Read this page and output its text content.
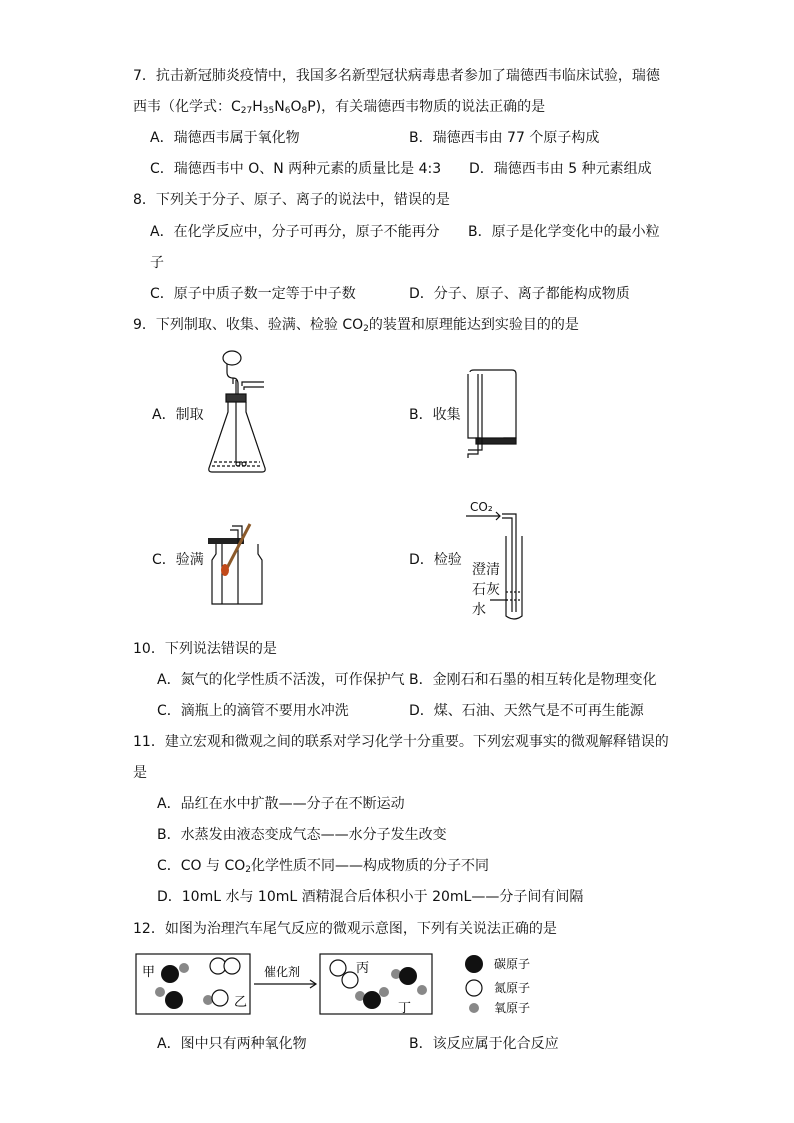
7．抗击新冠肺炎疫情中，我国多名新型冠状病毒患者参加了瑞德西韦临床试验，瑞德
西韦（化学式：$C_{27}H_{35}N_6O_8P$)，有关瑞德西韦物质的说法正确的是
A．瑞德西韦属于氧化物	B．瑞德西韦由 77 个原子构成
C．瑞德西韦中 O、N 两种元素的质量比是 4:3 D．瑞德西韦由 5 种元素组成
8．下列关于分子、原子、离子的说法中，错误的是
A．在化学反应中，分子可再分，原子不能再分 B．原子是化学变化中的最小粒
子
C．原子中质子数一定等于中子数	D．分子、原子、离子都能构成物质
9．下列制取、收集、验满、检验 $CO_2$的装置和原理能达到实验目的的是
A．制取	B．收集
C．验满	D．检验
CO₂
澄清
石灰
水
10．下列说法错误的是
A．氮气的化学性质不活泼，可作保护气 B．金刚石和石墨的相互转化是物理变化
C．滴瓶上的滴管不要用水冲洗	D．煤、石油、天然气是不可再生能源
11．建立宏观和微观之间的联系对学习化学十分重要。下列宏观事实的微观解释错误的
是
A．品红在水中扩散——分子在不断运动
B．水蒸发由液态变成气态——水分子发生改变
C．CO 与 $CO_2$化学性质不同——构成物质的分子不同
D．10mL 水与 10mL 酒精混合后体积小于 20mL——分子间有间隔
12．如图为治理汽车尾气反应的微观示意图，下列有关说法正确的是
甲
乙
催化剂	丙
丁
碳原子
氮原子
氧原子
A．图中只有两种氧化物	B．该反应属于化合反应
